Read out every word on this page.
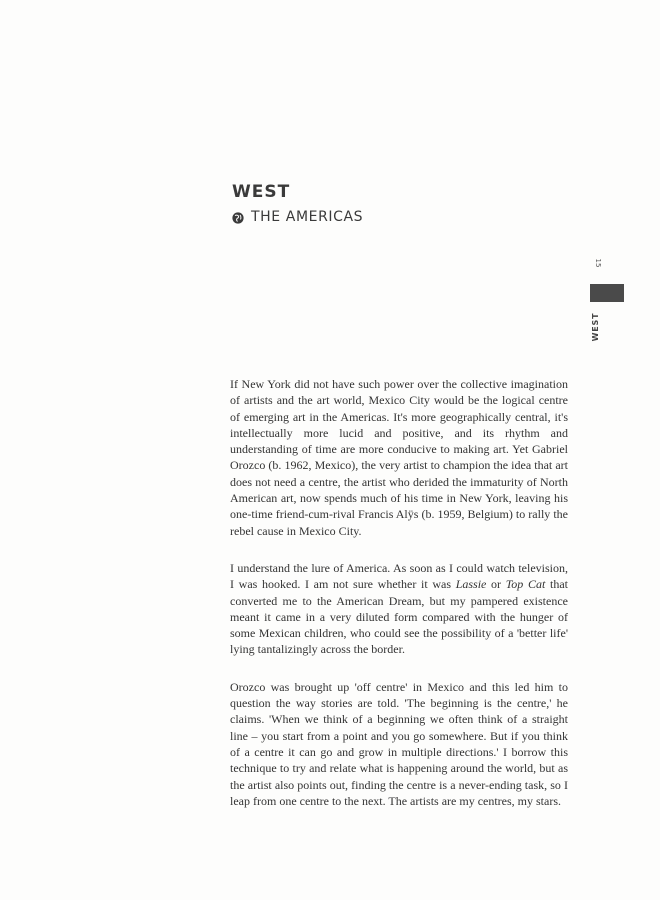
WEST
THE AMERICAS
15
WEST

If New York did not have such power over the collective imagination of artists and the art world, Mexico City would be the logical centre of emerging art in the Americas. It's more geographically central, it's intellectually more lucid and positive, and its rhythm and understanding of time are more conducive to making art. Yet Gabriel Orozco (b. 1962, Mexico), the very artist to champion the idea that art does not need a centre, the artist who derided the immaturity of North American art, now spends much of his time in New York, leaving his one-time friend-cum-rival Francis Alÿs (b. 1959, Belgium) to rally the rebel cause in Mexico City.

I understand the lure of America. As soon as I could watch television, I was hooked. I am not sure whether it was Lassie or Top Cat that converted me to the American Dream, but my pampered existence meant it came in a very diluted form compared with the hunger of some Mexican children, who could see the possibility of a 'better life' lying tantalizingly across the border.

Orozco was brought up 'off centre' in Mexico and this led him to question the way stories are told. 'The beginning is the centre,' he claims. 'When we think of a beginning we often think of a straight line – you start from a point and you go somewhere. But if you think of a centre it can go and grow in multiple directions.' I borrow this technique to try and relate what is happening around the world, but as the artist also points out, finding the centre is a never-ending task, so I leap from one centre to the next. The artists are my centres, my stars.
